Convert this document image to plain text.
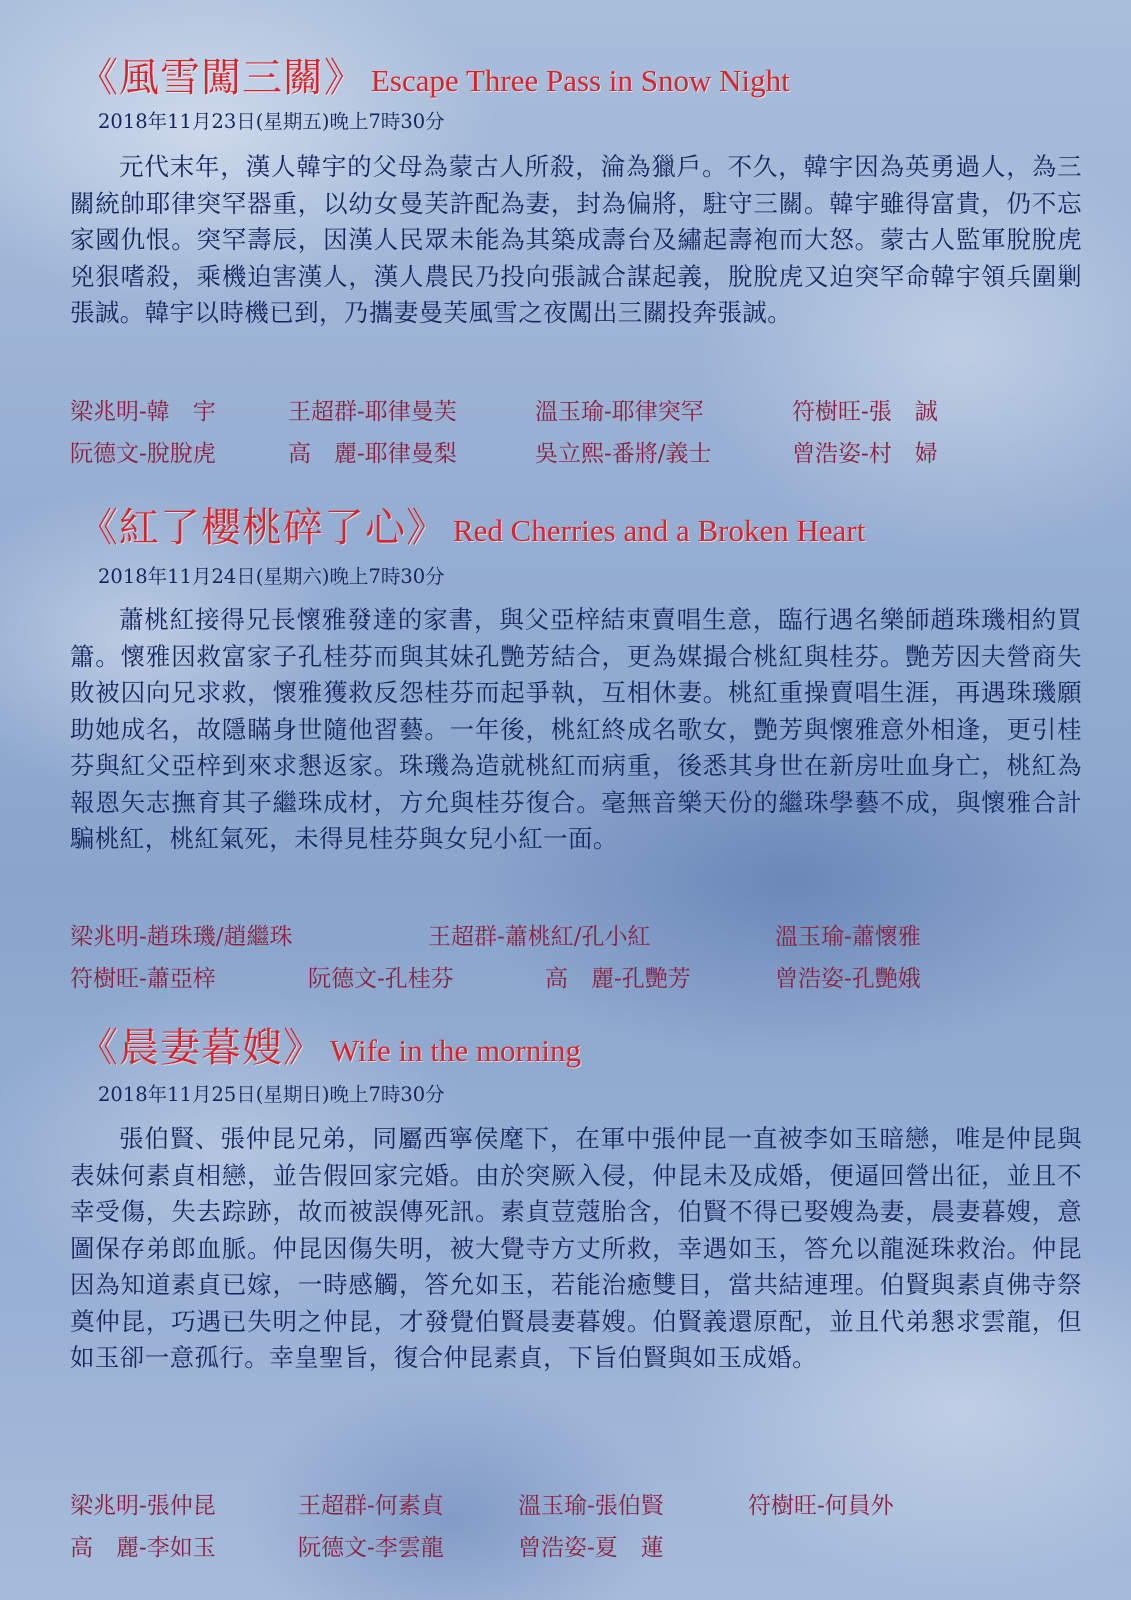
《風雪闖三關》 Escape Three Pass in Snow Night
2018年11月23日(星期五)晚上7時30分

元代末年，漢人韓宇的父母為蒙古人所殺，淪為獵戶。不久，韓宇因為英勇過人，為三關統帥耶律突罕器重，以幼女曼芙許配為妻，封為偏將，駐守三關。韓宇雖得富貴，仍不忘家國仇恨。突罕壽辰，因漢人民眾未能為其築成壽台及繡起壽袍而大怒。蒙古人監軍脫脫虎兇狠嗜殺，乘機迫害漢人，漢人農民乃投向張誠合謀起義，脫脫虎又迫突罕命韓宇領兵圍剿張誠。韓宇以時機已到，乃攜妻曼芙風雪之夜闖出三關投奔張誠。

梁兆明-韓　宇	王超群-耶律曼芙	溫玉瑜-耶律突罕	符樹旺-張　誠
阮德文-脫脫虎	高　麗-耶律曼梨	吳立熙-番將/義士	曾浩姿-村　婦
《紅了櫻桃碎了心》 Red Cherries and a Broken Heart
2018年11月24日(星期六)晚上7時30分

蕭桃紅接得兄長懷雅發達的家書，與父亞梓結束賣唱生意，臨行遇名樂師趙珠璣相約買簫。懷雅因救富家子孔桂芬而與其妹孔艷芳結合，更為媒撮合桃紅與桂芬。艷芳因夫營商失敗被囚向兄求救，懷雅獲救反怨桂芬而起爭執，互相休妻。桃紅重操賣唱生涯，再遇珠璣願助她成名，故隱瞞身世隨他習藝。一年後，桃紅終成名歌女，艷芳與懷雅意外相逢，更引桂芬與紅父亞梓到來求懇返家。珠璣為造就桃紅而病重，後悉其身世在新房吐血身亡，桃紅為報恩矢志撫育其子繼珠成材，方允與桂芬復合。毫無音樂天份的繼珠學藝不成，與懷雅合計騙桃紅，桃紅氣死，未得見桂芬與女兒小紅一面。

梁兆明-趙珠璣/趙繼珠	王超群-蕭桃紅/孔小紅	溫玉瑜-蕭懷雅
符樹旺-蕭亞梓	阮德文-孔桂芬	高　麗-孔艷芳	曾浩姿-孔艷娥
《晨妻暮嫂》 Wife in the morning
2018年11月25日(星期日)晚上7時30分

張伯賢、張仲昆兄弟，同屬西寧侯麾下，在軍中張仲昆一直被李如玉暗戀，唯是仲昆與表妹何素貞相戀，並告假回家完婚。由於突厥入侵，仲昆未及成婚，便逼回營出征，並且不幸受傷，失去踪跡，故而被誤傳死訊。素貞荳蔻胎含，伯賢不得已娶嫂為妻，晨妻暮嫂，意圖保存弟郎血脈。仲昆因傷失明，被大覺寺方丈所救，幸遇如玉，答允以龍涎珠救治。仲昆因為知道素貞已嫁，一時感觸，答允如玉，若能治癒雙目，當共結連理。伯賢與素貞佛寺祭奠仲昆，巧遇已失明之仲昆，才發覺伯賢晨妻暮嫂。伯賢義還原配，並且代弟懇求雲龍，但如玉卻一意孤行。幸皇聖旨，復合仲昆素貞，下旨伯賢與如玉成婚。

梁兆明-張仲昆	王超群-何素貞	溫玉瑜-張伯賢	符樹旺-何員外
高　麗-李如玉	阮德文-李雲龍	曾浩姿-夏　蓮
